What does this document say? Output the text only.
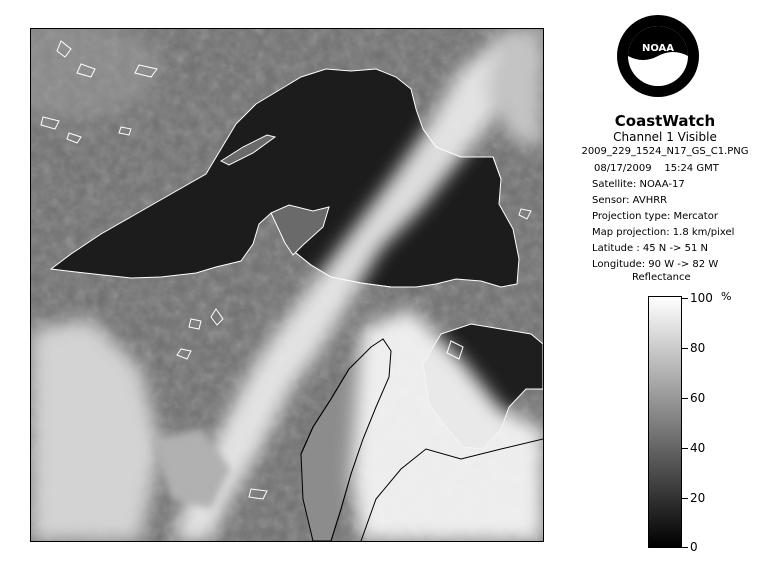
NOAA
CoastWatch
Channel 1 Visible
2009_229_1524_N17_GS_C1.PNG
08/17/2009    15:24 GMT
Satellite: NOAA-17
Sensor: AVHRR
Projection type: Mercator
Map projection: 1.8 km/pixel
Latitude : 45 N -> 51 N
Longitude: 90 W -> 82 W
Reflectance
%
100
80
60
40
20
0
